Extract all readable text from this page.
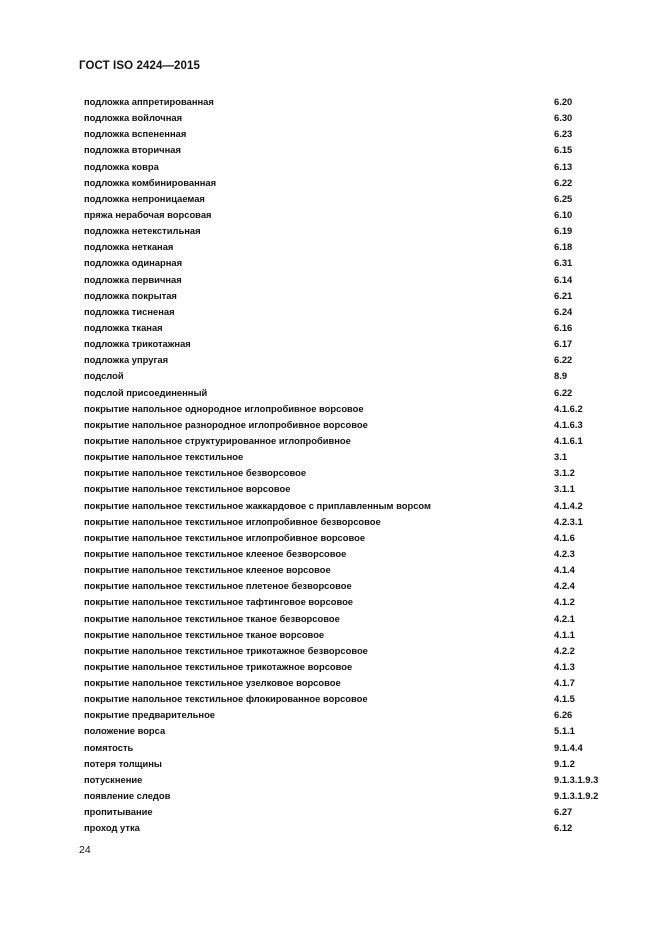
ГОСТ ISO 2424—2015
подложка аппретированная	6.20
подложка войлочная	6.30
подложка вспененная	6.23
подложка вторичная	6.15
подложка ковра	6.13
подложка комбинированная	6.22
подложка непроницаемая	6.25
пряжа нерабочая ворсовая	6.10
подложка нетекстильная	6.19
подложка нетканая	6.18
подложка одинарная	6.31
подложка первичная	6.14
подложка покрытая	6.21
подложка тисненая	6.24
подложка тканая	6.16
подложка трикотажная	6.17
подложка упругая	6.22
подслой	8.9
подслой присоединенный	6.22
покрытие напольное однородное иглопробивное ворсовое	4.1.6.2
покрытие напольное разнородное иглопробивное ворсовое	4.1.6.3
покрытие напольное структурированное иглопробивное	4.1.6.1
покрытие напольное текстильное	3.1
покрытие напольное текстильное безворсовое	3.1.2
покрытие напольное текстильное ворсовое	3.1.1
покрытие напольное текстильное жаккардовое с приплавленным ворсом	4.1.4.2
покрытие напольное текстильное иглопробивное безворсовое	4.2.3.1
покрытие напольное текстильное иглопробивное ворсовое	4.1.6
покрытие напольное текстильное клееное безворсовое	4.2.3
покрытие напольное текстильное клееное ворсовое	4.1.4
покрытие напольное текстильное плетеное безворсовое	4.2.4
покрытие напольное текстильное тафтинговое ворсовое	4.1.2
покрытие напольное текстильное тканое безворсовое	4.2.1
покрытие напольное текстильное тканое ворсовое	4.1.1
покрытие напольное текстильное трикотажное безворсовое	4.2.2
покрытие напольное текстильное трикотажное ворсовое	4.1.3
покрытие напольное текстильное узелковое ворсовое	4.1.7
покрытие напольное текстильное флокированное ворсовое	4.1.5
покрытие предварительное	6.26
положение ворса	5.1.1
помятость	9.1.4.4
потеря толщины	9.1.2
потускнение	9.1.3.1.9.3
появление следов	9.1.3.1.9.2
пропитывание	6.27
проход утка	6.12
24
